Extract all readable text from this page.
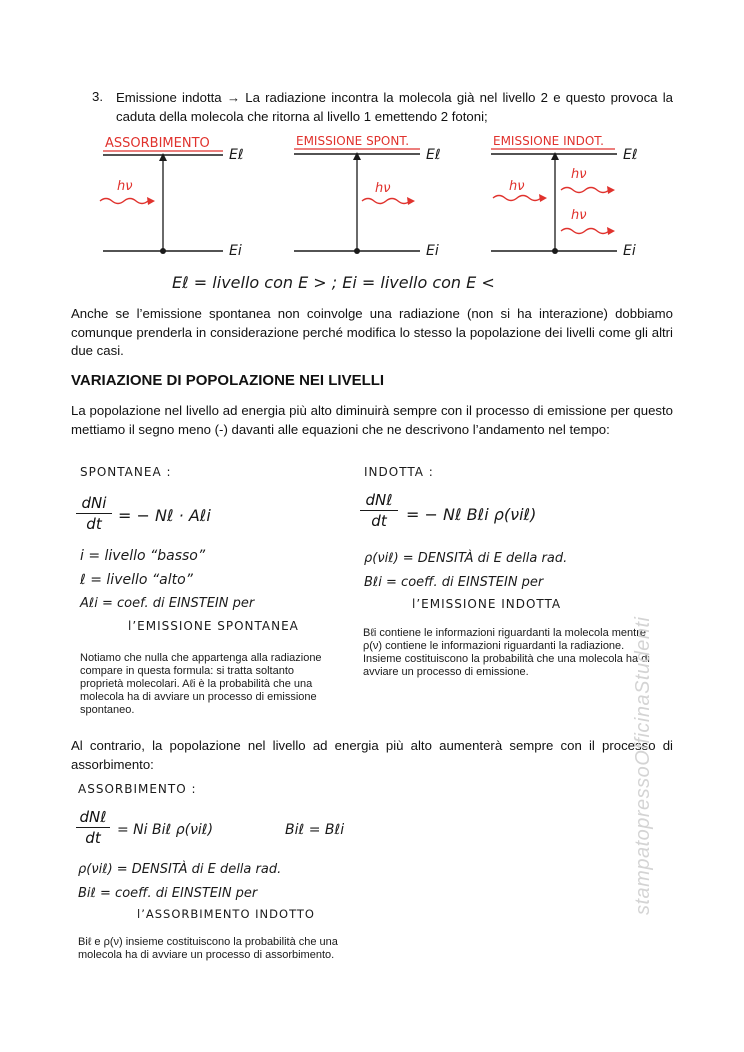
3. Emissione indotta → La radiazione incontra la molecola già nel livello 2 e questo provoca la caduta della molecola che ritorna al livello 1 emettendo 2 fotoni;
ASSORBIMENTO
hν
Eℓ
Ei
EMISSIONE SPONT.
hν
Eℓ
Ei
EMISSIONE INDOT.
hν
hν
hν
Eℓ
Ei
Eℓ = livello con E > ; Ei = livello con E <
Anche se l’emissione spontanea non coinvolge una radiazione (non si ha interazione) dobbiamo comunque prenderla in considerazione perché modifica lo stesso la popolazione dei livelli come gli altri due casi.
VARIAZIONE DI POPOLAZIONE NEI LIVELLI
La popolazione nel livello ad energia più alto diminuirà sempre con il processo di emissione per questo mettiamo il segno meno (-) davanti alle equazioni che ne descrivono l’andamento nel tempo:
SPONTANEA :
dNi
dt	= − Nℓ · Aℓi
i = livello “basso”
ℓ = livello “alto”
Aℓi = coef. di EINSTEIN per
l’EMISSIONE SPONTANEA
Notiamo che nulla che appartenga alla radiazione compare in questa formula: si tratta soltanto proprietà molecolari. Aℓi è la probabilità che una molecola ha di avviare un processo di emissione spontaneo.
INDOTTA :
dNℓ
dt	= − Nℓ Bℓi ρ(νiℓ)
ρ(νiℓ) = DENSITÀ di E della rad.
Bℓi = coeff. di EINSTEIN per
l’EMISSIONE INDOTTA
Bℓi contiene le informazioni riguardanti la molecola mentre ρ(ν) contiene le informazioni riguardanti la radiazione. Insieme costituiscono la probabilità che una molecola ha di avviare un processo di emissione.
Al contrario, la popolazione nel livello ad energia più alto aumenterà sempre con il processo di assorbimento:
ASSORBIMENTO :
dNℓ
dt	= Ni Biℓ ρ(νiℓ)	Biℓ = Bℓi
ρ(νiℓ) = DENSITÀ di E della rad.
Biℓ = coeff. di EINSTEIN per
l’ASSORBIMENTO INDOTTO
Biℓ e ρ(ν) insieme costituiscono la probabilità che una molecola ha di avviare un processo di assorbimento.
stampatopressoOfficinaStudenti
